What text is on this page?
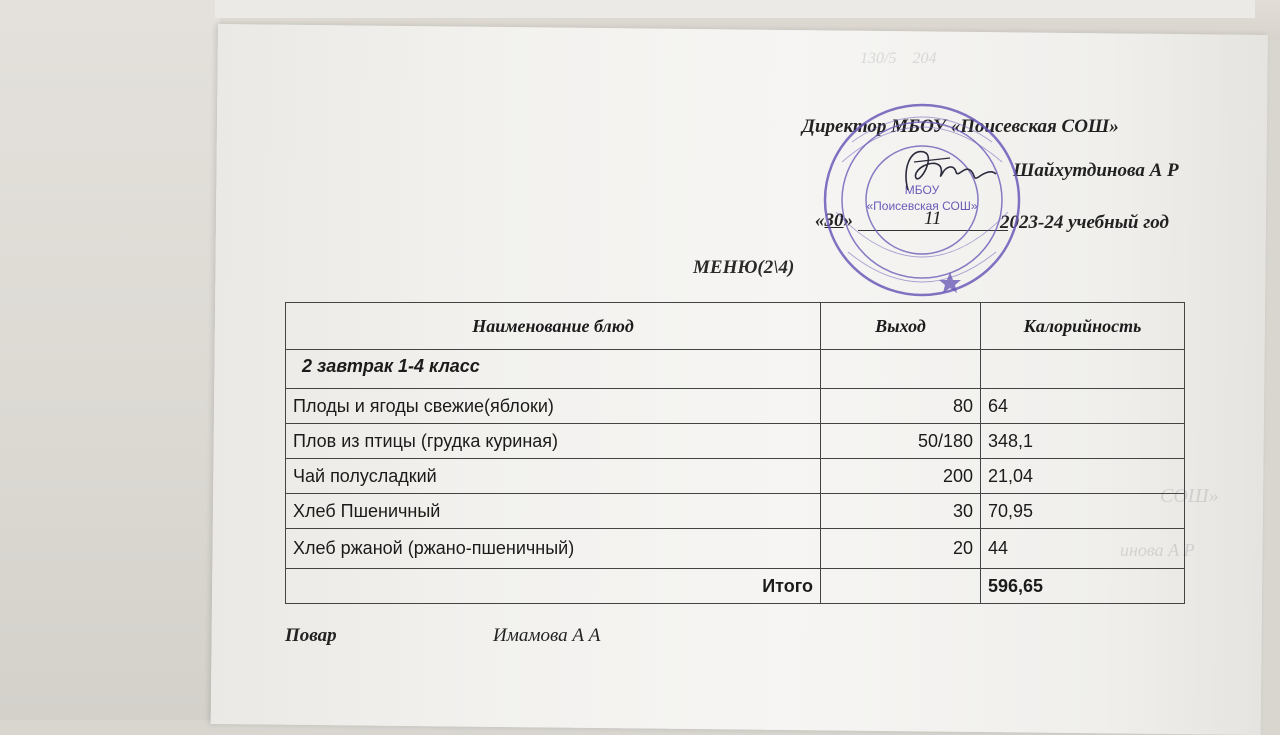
130/5    204
СОШ»
инова А Р
Директор МБОУ «Поисевская СОШ»
Шайхутдинова А Р
«30»	11	2023-24 учебный год
МБОУ
«Поисевская СОШ»
МЕНЮ(2\4)
Наименование блюд	Выход	Калорийность
2 завтрак 1-4 класс		
Плоды и ягоды свежие(яблоки)	80	64
Плов из птицы (грудка куриная)	50/180	348,1
Чай полусладкий	200	21,04
Хлеб Пшеничный	30	70,95
Хлеб ржаной (ржано-пшеничный)	20	44
Итого		596,65
Повар	Имамова А А
